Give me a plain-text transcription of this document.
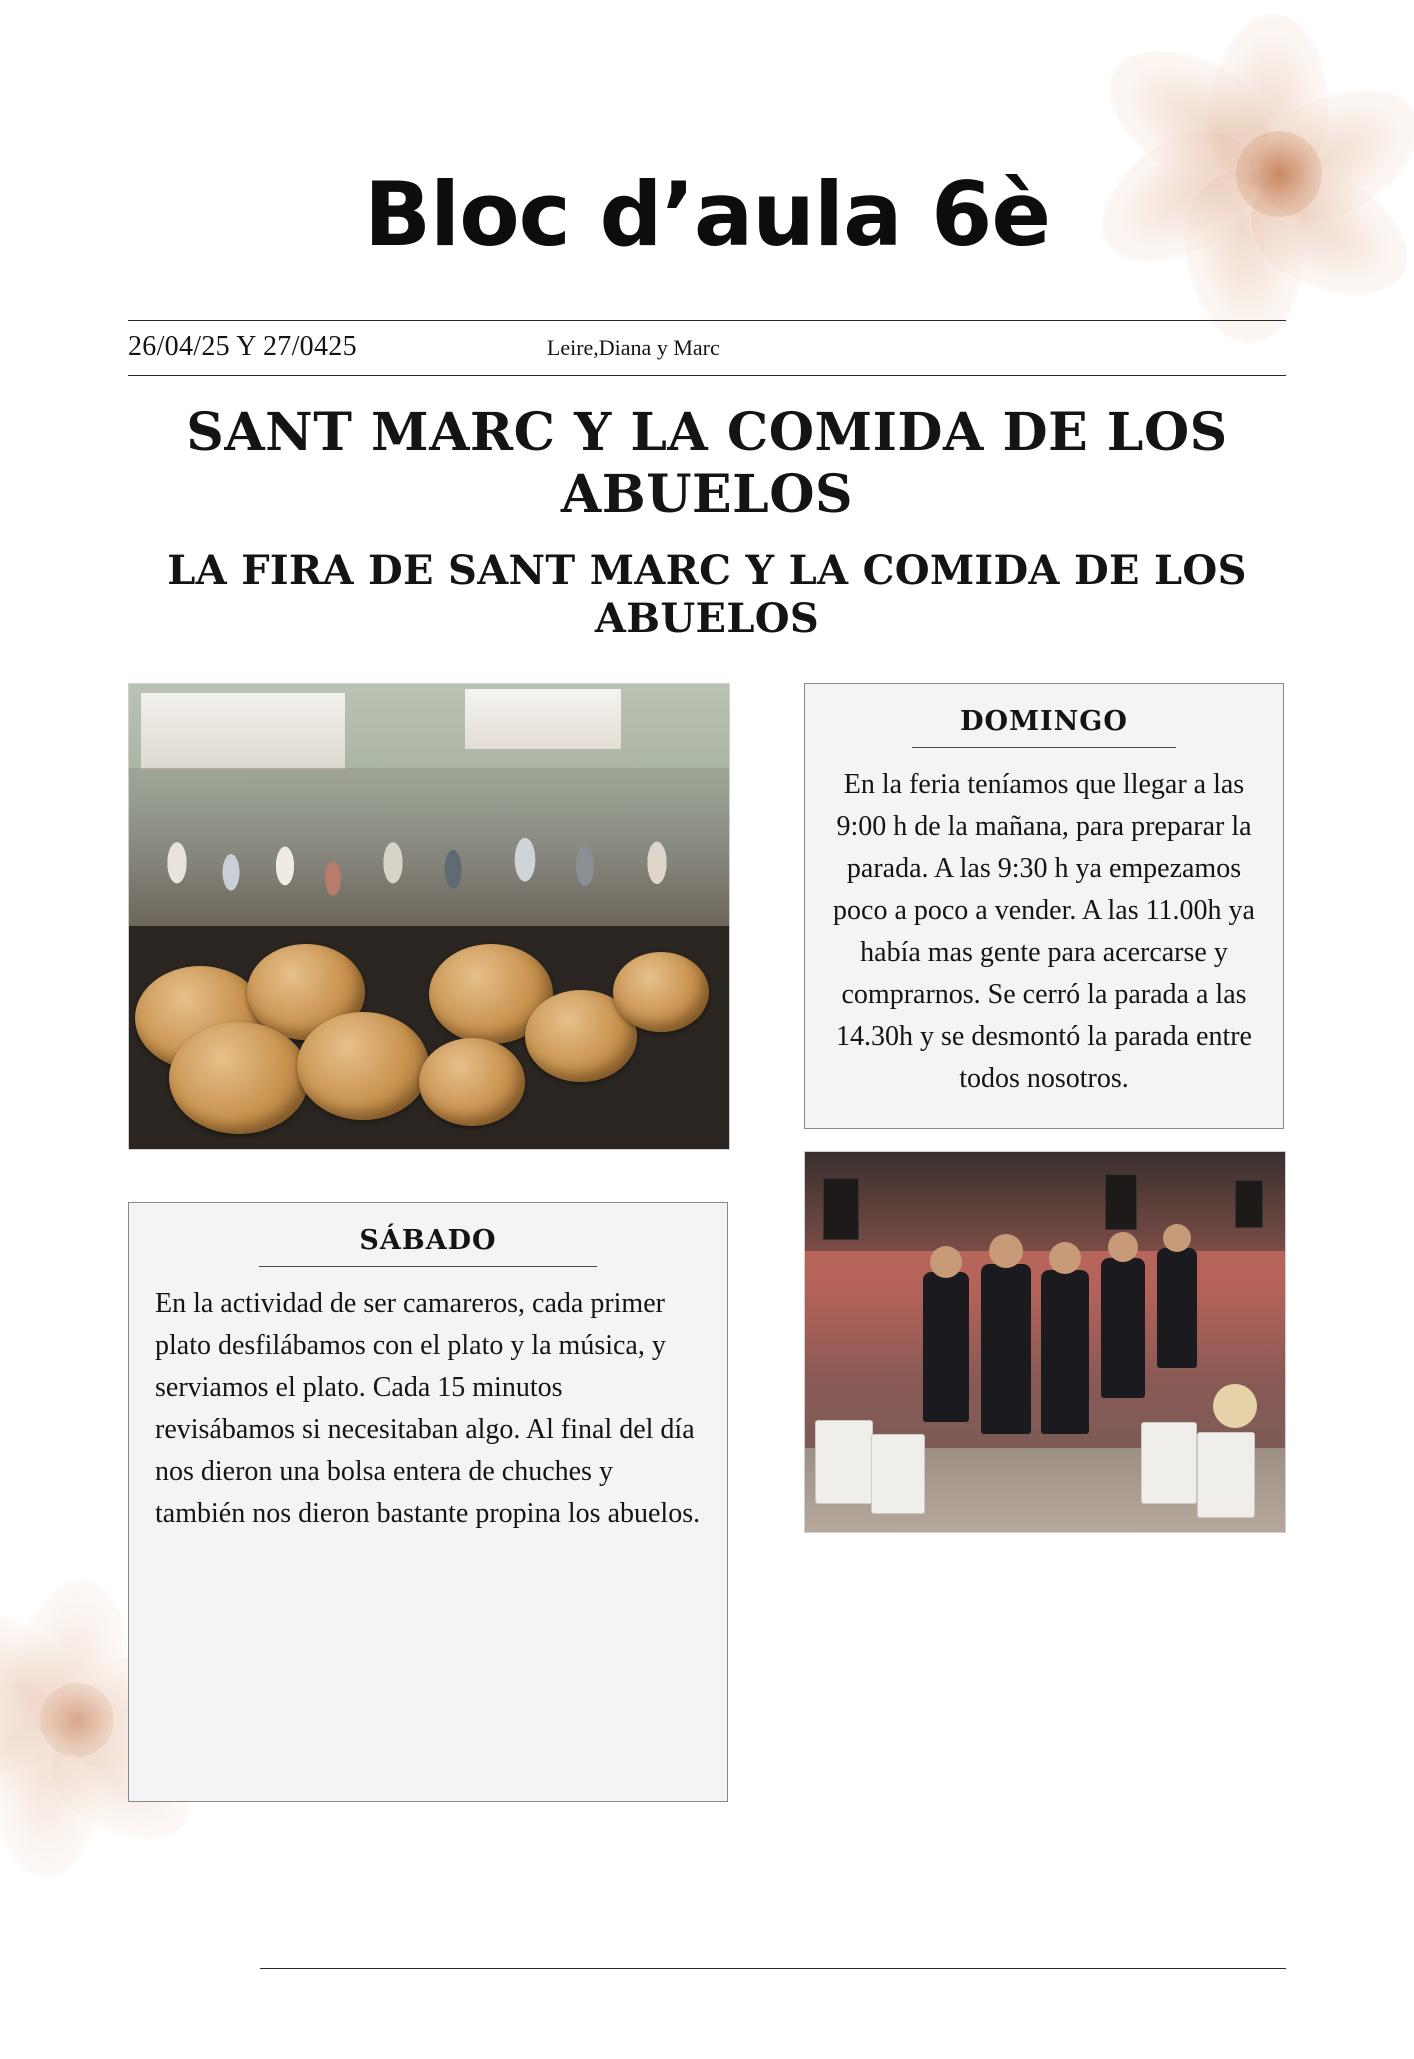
Bloc d’aula 6è
26/04/25 Y 27/0425	Leire,Diana y Marc
SANT MARC Y LA COMIDA DE LOS ABUELOS
LA FIRA DE SANT MARC Y LA COMIDA DE LOS ABUELOS
SÁBADO
En la actividad de ser camareros, cada primer plato desfilábamos con el plato y la música, y serviamos el plato. Cada 15 minutos revisábamos si necesitaban algo. Al final del día nos dieron una bolsa entera de chuches y también nos dieron bastante propina los abuelos.
DOMINGO
En la feria teníamos que llegar a las 9:00 h de la mañana, para preparar la parada. A las 9:30 h ya empezamos poco a poco a vender. A las 11.00h ya había mas gente para acercarse y comprarnos. Se cerró la parada a las 14.30h y se desmontó la parada entre todos nosotros.
